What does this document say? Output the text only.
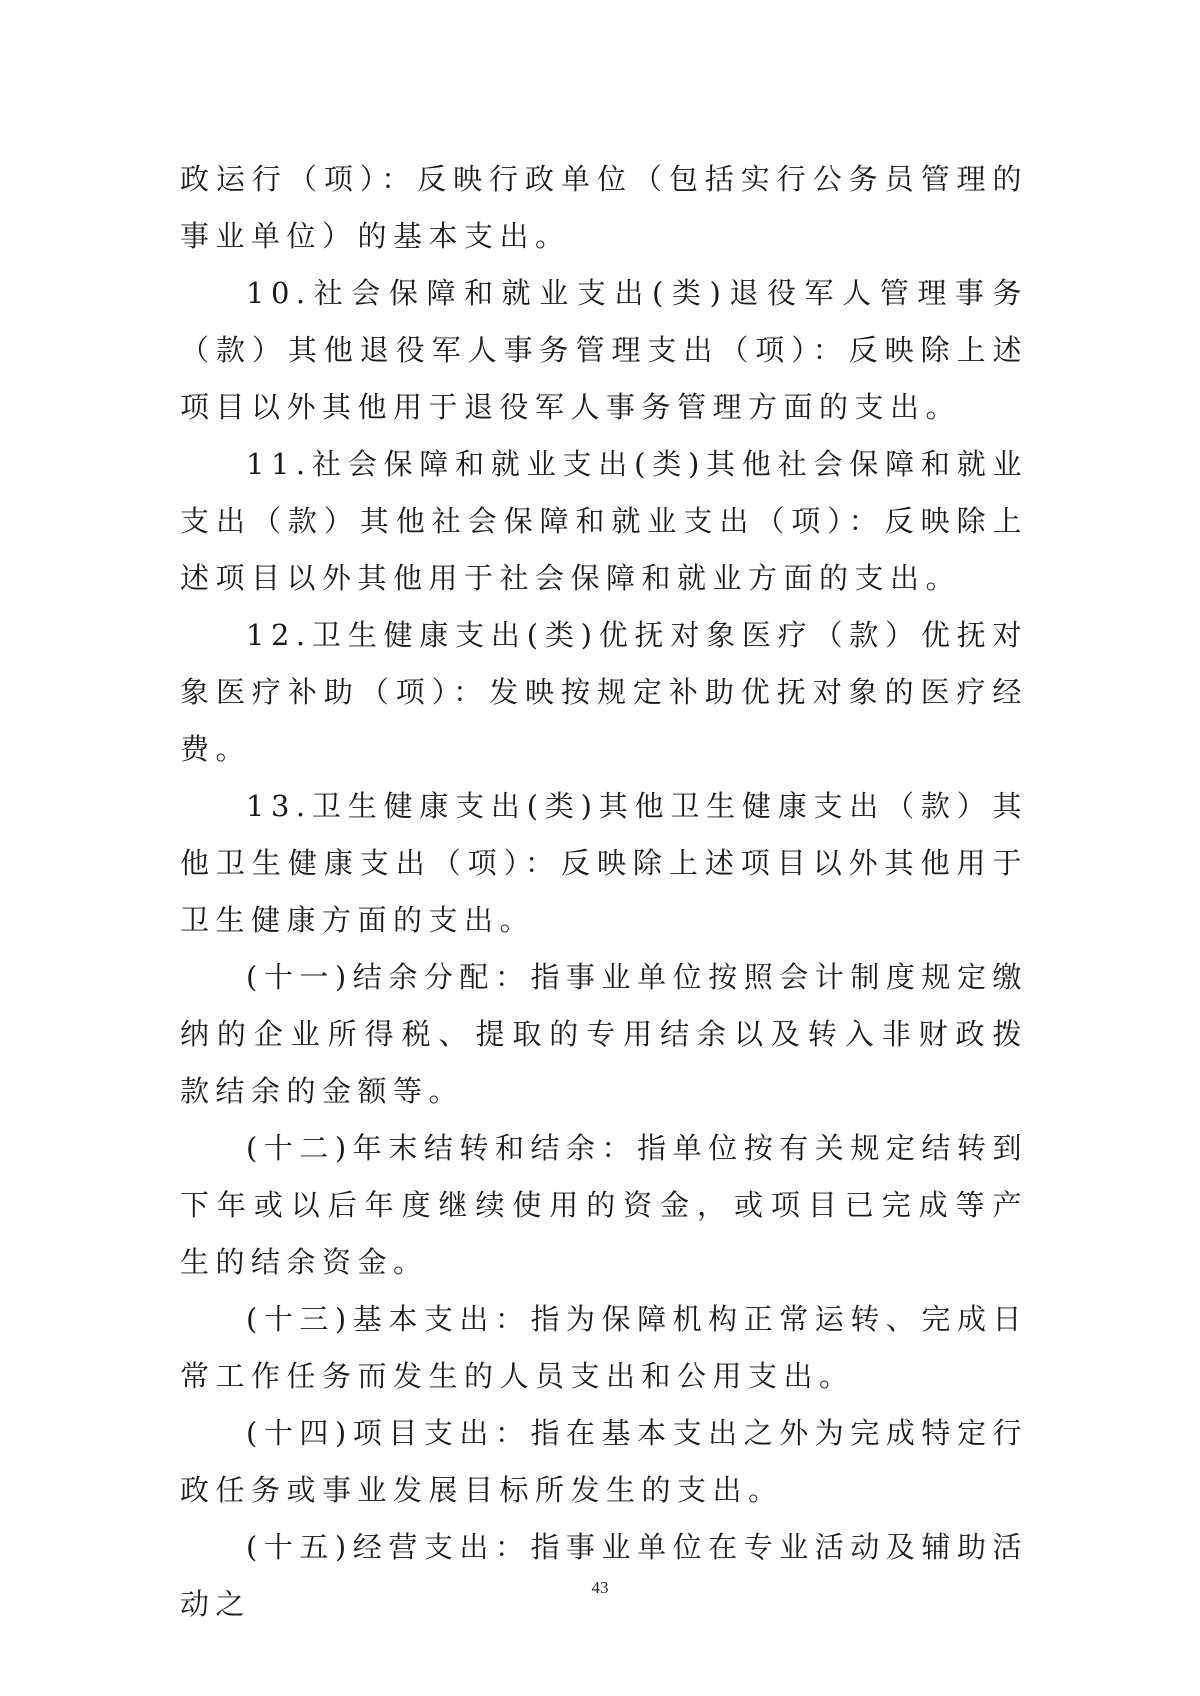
政运行（项）：反映行政单位（包括实行公务员管理的事业单位）的基本支出。

10.社会保障和就业支出(类)退役军人管理事务（款）其他退役军人事务管理支出（项）：反映除上述项目以外其他用于退役军人事务管理方面的支出。

11.社会保障和就业支出(类)其他社会保障和就业支出（款）其他社会保障和就业支出（项）：反映除上述项目以外其他用于社会保障和就业方面的支出。

12.卫生健康支出(类)优抚对象医疗（款）优抚对象医疗补助（项）：发映按规定补助优抚对象的医疗经费。

13.卫生健康支出(类)其他卫生健康支出（款）其他卫生健康支出（项）：反映除上述项目以外其他用于卫生健康方面的支出。

(十一)结余分配：指事业单位按照会计制度规定缴纳的企业所得税、提取的专用结余以及转入非财政拨款结余的金额等。

(十二)年末结转和结余：指单位按有关规定结转到下年或以后年度继续使用的资金，或项目已完成等产生的结余资金。

(十三)基本支出：指为保障机构正常运转、完成日常工作任务而发生的人员支出和公用支出。

(十四)项目支出：指在基本支出之外为完成特定行政任务或事业发展目标所发生的支出。

(十五)经营支出：指事业单位在专业活动及辅助活动之	43
